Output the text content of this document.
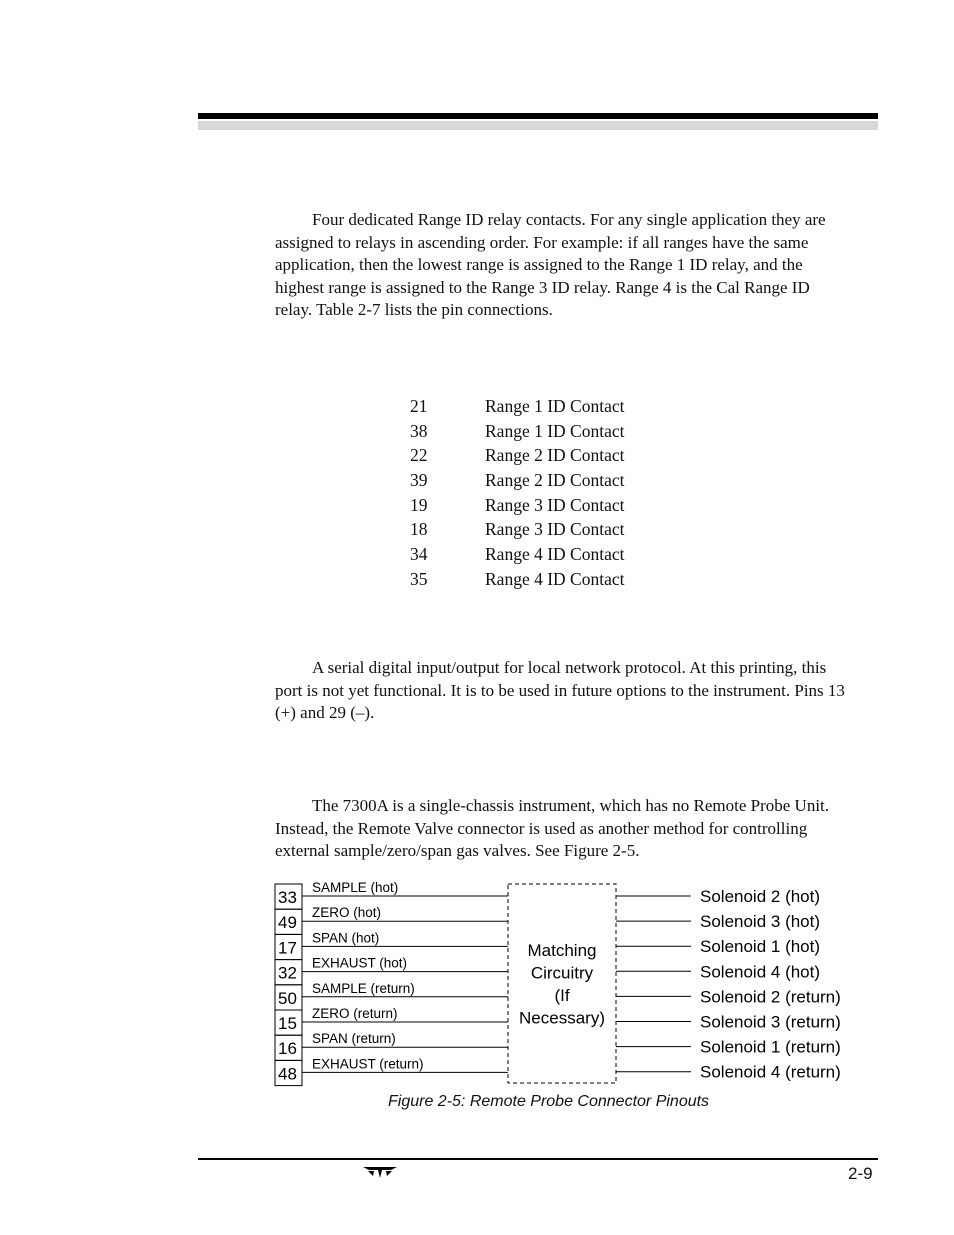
Four dedicated Range ID relay contacts. For any single application they are assigned to relays in ascending order. For example: if all ranges have the same application, then the lowest range is assigned to the Range 1 ID relay, and the highest range is assigned to the Range 3 ID relay. Range 4 is the Cal Range ID relay. Table 2-7 lists the pin connections.

21	Range 1 ID Contact
38	Range 1 ID Contact
22	Range 2 ID Contact
39	Range 2 ID Contact
19	Range 3 ID Contact
18	Range 3 ID Contact
34	Range 4 ID Contact
35	Range 4 ID Contact

A serial digital input/output for local network protocol. At this printing, this port is not yet functional. It is to be used in future options to the instrument. Pins 13 (+) and 29 (–).

The 7300A is a single-chassis instrument, which has no Remote Probe Unit. Instead, the Remote Valve connector is used as another method for controlling external sample/zero/span gas valves. See Figure 2-5.

33
SAMPLE (hot)
49
ZERO (hot)
17
SPAN (hot)
32
EXHAUST (hot)
50
SAMPLE (return)
15
ZERO (return)
16
SPAN (return)
48
EXHAUST (return)
Solenoid 2 (hot)
Solenoid 3 (hot)
Solenoid 1 (hot)
Solenoid 4 (hot)
Solenoid 2 (return)
Solenoid 3 (return)
Solenoid 1 (return)
Solenoid 4 (return)
Matching
Circuitry
(If
Necessary)
Figure 2-5: Remote Probe Connector Pinouts
2-9
